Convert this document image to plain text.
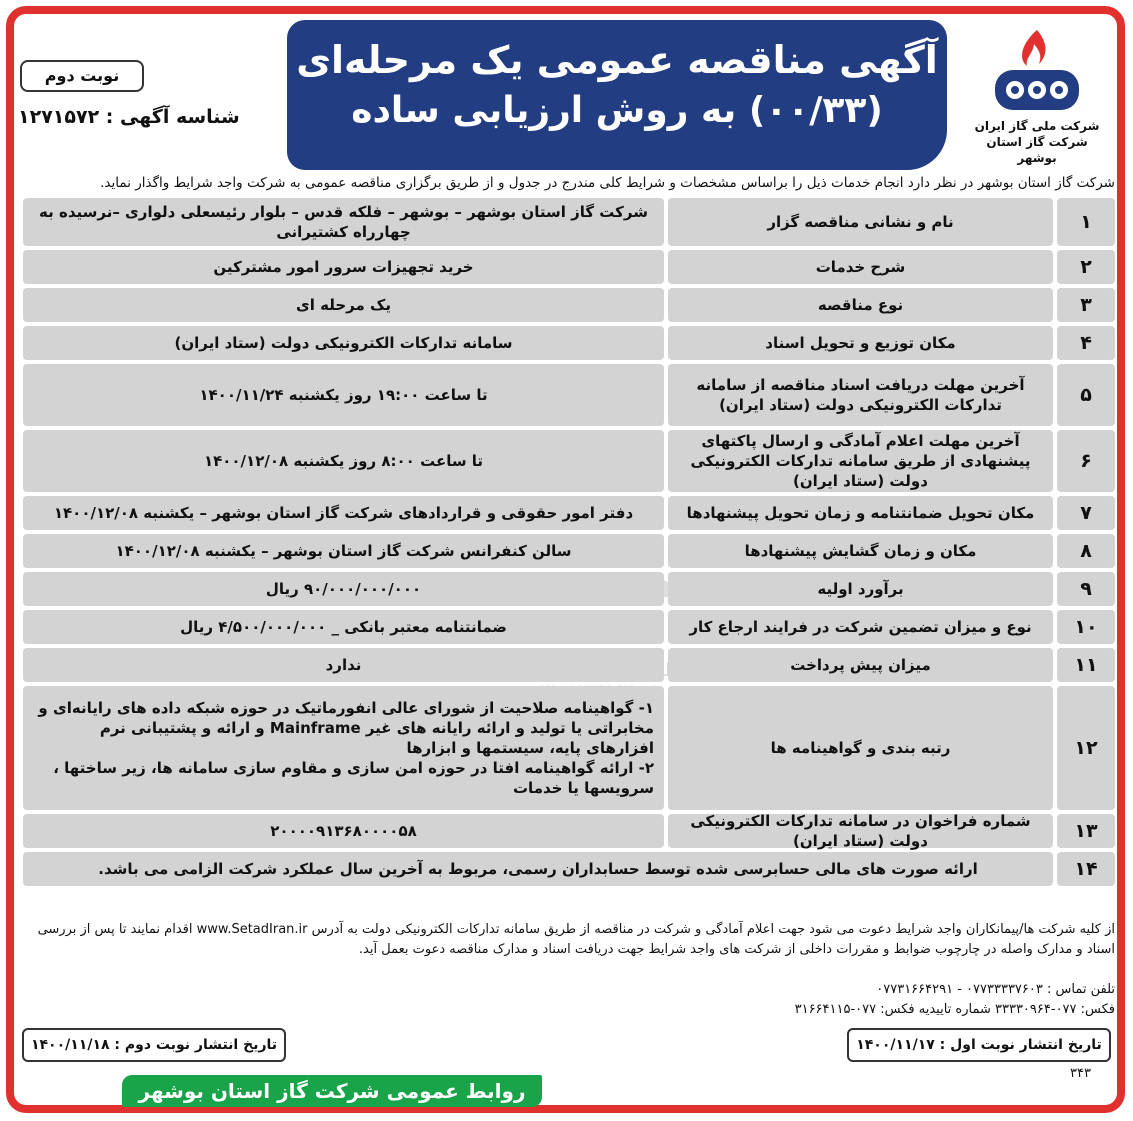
شرکت ملی گاز ایران
شرکت گاز استان بوشهر
آگهی مناقصه عمومی یک مرحله‌ای
(۰۰/۳۳) به روش ارزیابی ساده
نوبت دوم
شناسه آگهی : ۱۲۷۱۵۷۲
شرکت گاز استان بوشهر در نظر دارد انجام خدمات ذیل را براساس مشخصات و شرایط کلی مندرج در جدول و از طریق برگزاری مناقصه عمومی به شرکت واجد شرایط واگذار نماید.
۱
نام و نشانی مناقصه گزار
شرکت گاز استان بوشهر – بوشهر – فلکه قدس – بلوار رئیسعلی دلواری –نرسیده به چهارراه کشتیرانی
۲
شرح خدمات
خرید تجهیزات سرور امور مشترکین
۳
نوع مناقصه
یک مرحله ای
۴
مکان توزیع و تحویل اسناد
سامانه تدارکات الکترونیکی دولت (ستاد ایران)
۵
آخرین مهلت دریافت اسناد مناقصه از سامانه تدارکات الکترونیکی دولت (ستاد ایران)
تا ساعت ۱۹:۰۰ روز یکشنبه ۱۴۰۰/۱۱/۲۴
۶
آخرین مهلت اعلام آمادگی و ارسال پاکتهای پیشنهادی از طریق سامانه تدارکات الکترونیکی دولت (ستاد ایران)
تا ساعت ۸:۰۰ روز یکشنبه ۱۴۰۰/۱۲/۰۸
۷
مکان تحویل ضمانتنامه و زمان تحویل پیشنهادها
دفتر امور حقوقی و قراردادهای شرکت گاز استان بوشهر – یکشنبه ۱۴۰۰/۱۲/۰۸
۸
مکان و زمان گشایش پیشنهادها
سالن کنفرانس شرکت گاز استان بوشهر – یکشنبه ۱۴۰۰/۱۲/۰۸
۹
برآورد اولیه
۹۰/۰۰۰/۰۰۰/۰۰۰ ریال
۱۰
نوع و میزان تضمین شرکت در فرایند ارجاع کار
ضمانتنامه معتبر بانکی _ ۴/۵۰۰/۰۰۰/۰۰۰ ریال
۱۱
میزان پیش پرداخت
ندارد
۱۲
رتبه بندی و گواهینامه ها
۱- گواهینامه صلاحیت از شورای عالی انفورماتیک در حوزه شبکه داده های رایانه‌ای و مخابراتی یا تولید و ارائه رایانه های غیر Mainframe و ارائه و پشتیبانی نرم افزارهای پایه، سیستمها و ابزارها
۲- ارائه گواهینامه افتا در حوزه امن سازی و مقاوم سازی سامانه ها، زیر ساختها ، سرویسها یا خدمات
۱۳
شماره فراخوان در سامانه تدارکات الکترونیکی دولت (ستاد ایران)
۲۰۰۰۰۹۱۳۶۸۰۰۰۰۵۸
۱۴
ارائه صورت های مالی حسابرسی شده توسط حسابداران رسمی، مربوط به آخرین سال عملکرد شرکت الزامی می باشد.
از کلیه شرکت ها/پیمانکاران واجد شرایط دعوت می شود جهت اعلام آمادگی و شرکت در مناقصه از طریق سامانه تدارکات الکترونیکی دولت به آدرس www.SetadIran.ir اقدام نمایند تا پس از بررسی اسناد و مدارک واصله در چارچوب ضوابط و مقررات داخلی از شرکت های واجد شرایط جهت دریافت اسناد و مدارک مناقصه دعوت بعمل آید.
تلفن تماس : ۰۷۷۳۳۳۳۷۶۰۳ - ۰۷۷۳۱۶۶۴۲۹۱
فکس: ۰۷۷-۳۳۳۳۰۹۶۴ شماره تاییدیه فکس: ۰۷۷-۳۱۶۶۴۱۱۵
تاریخ انتشار نوبت اول : ۱۴۰۰/۱۱/۱۷
تاریخ انتشار نوبت دوم : ۱۴۰۰/۱۱/۱۸
۳۴۳
روابط عمومی شرکت گاز استان بوشهر
